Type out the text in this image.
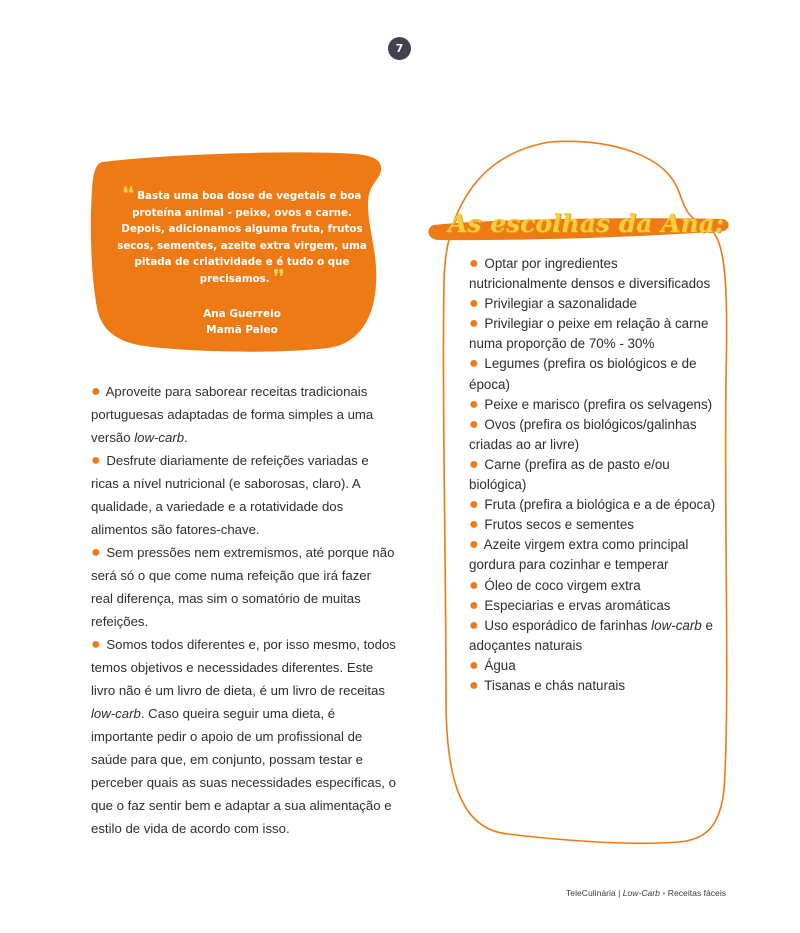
7
❛❛ Basta uma boa dose de vegetais e boa proteína animal - peixe, ovos e carne. Depois, adicionamos alguma fruta, frutos secos, sementes, azeite extra virgem, uma pitada de criatividade e é tudo o que precisamos. ❜❜
Ana Guerreio
Mamã Paleo

● Aproveite para saborear receitas tradicionais portuguesas adaptadas de forma simples a uma versão low-carb.

● Desfrute diariamente de refeições variadas e ricas a nível nutricional (e saborosas, claro). A qualidade, a variedade e a rotatividade dos alimentos são fatores-chave.

● Sem pressões nem extremismos, até porque não será só o que come numa refeição que irá fazer real diferença, mas sim o somatório de muitas refeições.

● Somos todos diferentes e, por isso mesmo, todos temos objetivos e necessidades diferentes. Este livro não é um livro de dieta, é um livro de receitas low-carb. Caso queira seguir uma dieta, é importante pedir o apoio de um profissional de saúde para que, em conjunto, possam testar e perceber quais as suas necessidades específicas, o que o faz sentir bem e adaptar a sua alimentação e estilo de vida de acordo com isso.

As escolhas da Ana:
● Optar por ingredientes nutricionalmente densos e diversificados
● Privilegiar a sazonalidade
● Privilegiar o peixe em relação à carne numa proporção de 70% - 30%
● Legumes (prefira os biológicos e de época)
● Peixe e marisco (prefira os selvagens)
● Ovos (prefira os biológicos/galinhas criadas ao ar livre)
● Carne (prefira as de pasto e/ou biológica)
● Fruta (prefira a biológica e a de época)
● Frutos secos e sementes
● Azeite virgem extra como principal gordura para cozinhar e temperar
● Óleo de coco virgem extra
● Especiarias e ervas aromáticas
● Uso esporádico de farinhas low-carb e adoçantes naturais
● Água
● Tisanas e chás naturais
TeleCulinária | Low-Carb • Receitas fáceis
